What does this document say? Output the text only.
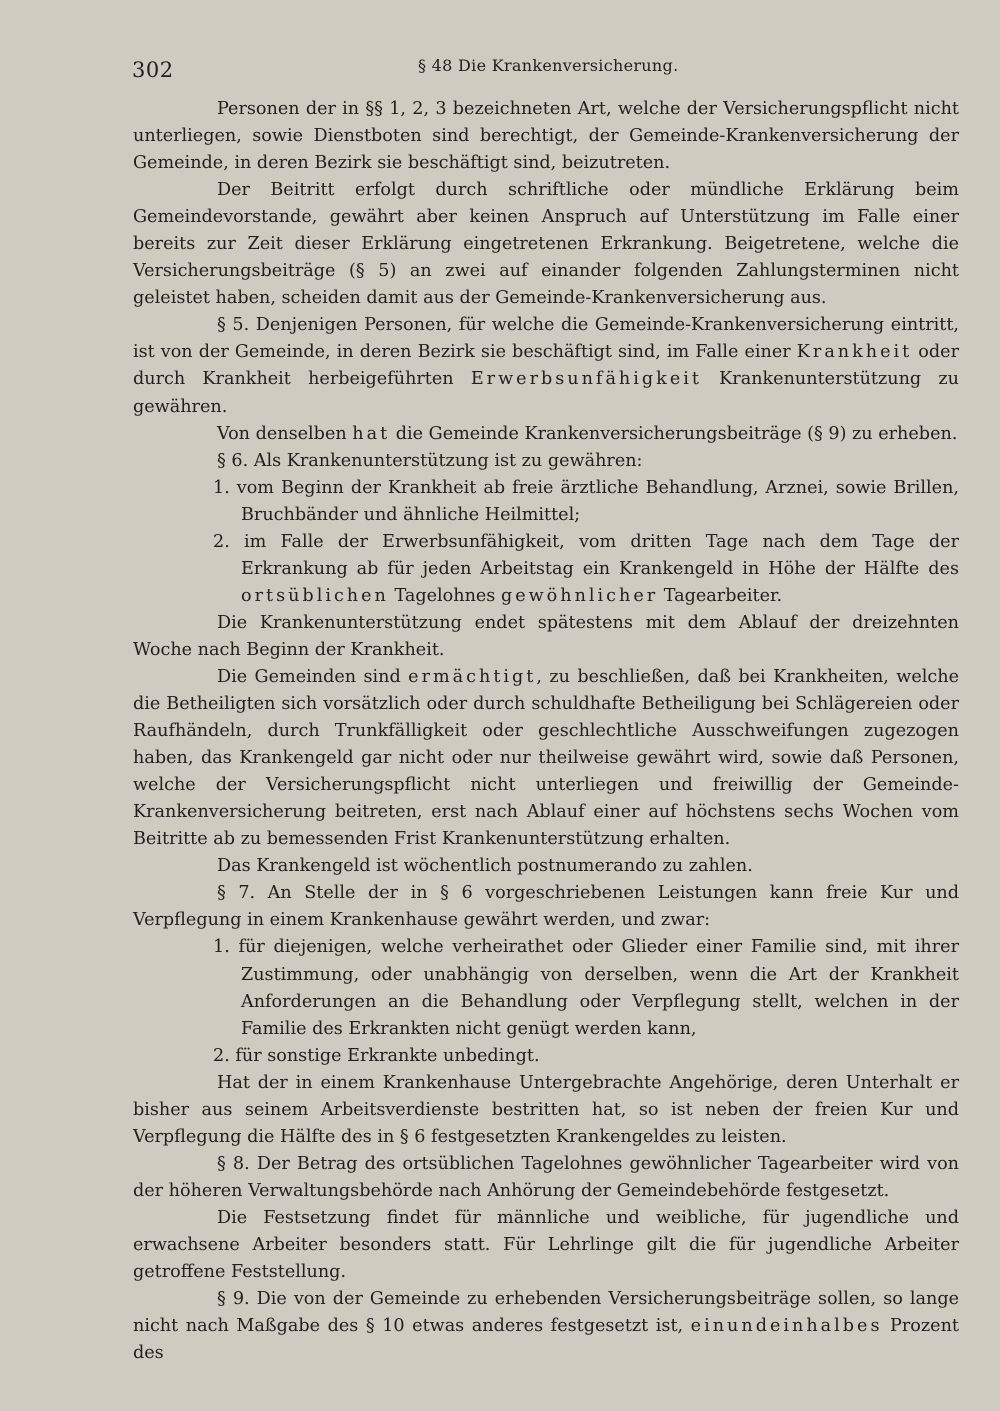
302	§ 48 Die Krankenversicherung.

Personen der in §§ 1, 2, 3 bezeichneten Art, welche der Versicherungspflicht nicht unterliegen, sowie Dienstboten sind berechtigt, der Gemeinde-Krankenversicherung der Gemeinde, in deren Bezirk sie beschäftigt sind, beizutreten.

Der Beitritt erfolgt durch schriftliche oder mündliche Erklärung beim Gemeindevorstande, gewährt aber keinen Anspruch auf Unterstützung im Falle einer bereits zur Zeit dieser Erklärung eingetretenen Erkrankung. Beigetretene, welche die Versicherungsbeiträge (§ 5) an zwei auf einander folgenden Zahlungsterminen nicht geleistet haben, scheiden damit aus der Gemeinde-Krankenversicherung aus.

§ 5. Denjenigen Personen, für welche die Gemeinde-Krankenversicherung eintritt, ist von der Gemeinde, in deren Bezirk sie beschäftigt sind, im Falle einer Krankheit oder durch Krankheit herbeigeführten Erwerbsunfähigkeit Krankenunterstützung zu gewähren.

Von denselben hat die Gemeinde Krankenversicherungsbeiträge (§ 9) zu erheben.

§ 6. Als Krankenunterstützung ist zu gewähren:

1. vom Beginn der Krankheit ab freie ärztliche Behandlung, Arznei, sowie Brillen, Bruchbänder und ähnliche Heilmittel;

2. im Falle der Erwerbsunfähigkeit, vom dritten Tage nach dem Tage der Erkrankung ab für jeden Arbeitstag ein Krankengeld in Höhe der Hälfte des ortsüblichen Tagelohnes gewöhnlicher Tagearbeiter.

Die Krankenunterstützung endet spätestens mit dem Ablauf der dreizehnten Woche nach Beginn der Krankheit.

Die Gemeinden sind ermächtigt, zu beschließen, daß bei Krankheiten, welche die Betheiligten sich vorsätzlich oder durch schuldhafte Betheiligung bei Schlägereien oder Raufhändeln, durch Trunkfälligkeit oder geschlechtliche Ausschweifungen zugezogen haben, das Krankengeld gar nicht oder nur theilweise gewährt wird, sowie daß Personen, welche der Versicherungspflicht nicht unterliegen und freiwillig der Gemeinde-Krankenversicherung beitreten, erst nach Ablauf einer auf höchstens sechs Wochen vom Beitritte ab zu bemessenden Frist Krankenunterstützung erhalten.

Das Krankengeld ist wöchentlich postnumerando zu zahlen.

§ 7. An Stelle der in § 6 vorgeschriebenen Leistungen kann freie Kur und Verpflegung in einem Krankenhause gewährt werden, und zwar:

1. für diejenigen, welche verheirathet oder Glieder einer Familie sind, mit ihrer Zustimmung, oder unabhängig von derselben, wenn die Art der Krankheit Anforderungen an die Behandlung oder Verpflegung stellt, welchen in der Familie des Erkrankten nicht genügt werden kann,

2. für sonstige Erkrankte unbedingt.

Hat der in einem Krankenhause Untergebrachte Angehörige, deren Unterhalt er bisher aus seinem Arbeitsverdienste bestritten hat, so ist neben der freien Kur und Verpflegung die Hälfte des in § 6 festgesetzten Krankengeldes zu leisten.

§ 8. Der Betrag des ortsüblichen Tagelohnes gewöhnlicher Tagearbeiter wird von der höheren Verwaltungsbehörde nach Anhörung der Gemeindebehörde festgesetzt.

Die Festsetzung findet für männliche und weibliche, für jugendliche und erwachsene Arbeiter besonders statt. Für Lehrlinge gilt die für jugendliche Arbeiter getroffene Feststellung.

§ 9. Die von der Gemeinde zu erhebenden Versicherungsbeiträge sollen, so lange nicht nach Maßgabe des § 10 etwas anderes festgesetzt ist, einundeinhalbes Prozent des
